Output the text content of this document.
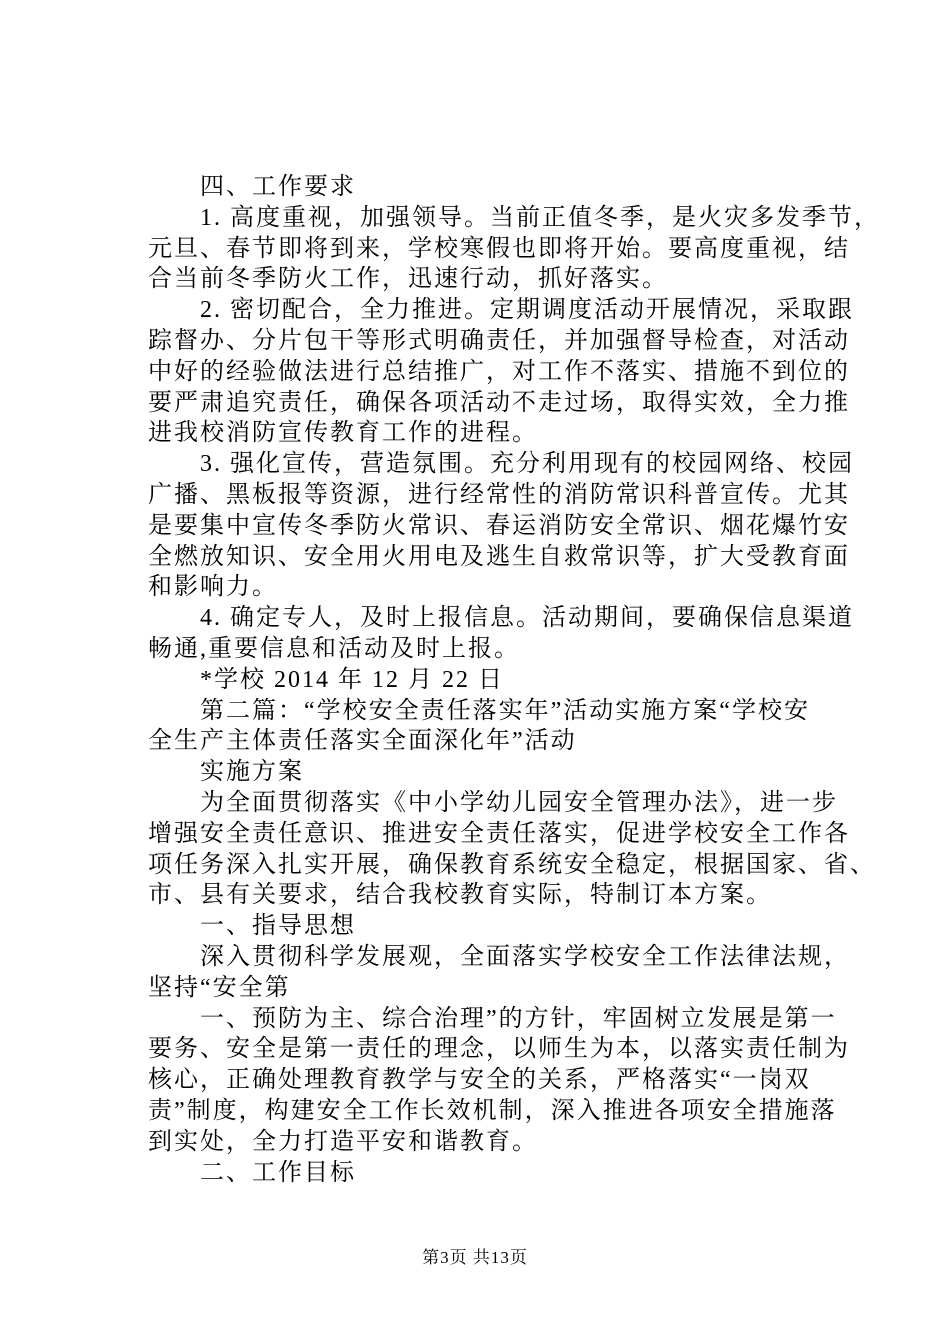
四、工作要求
1. 高度重视，加强领导。当前正值冬季，是火灾多发季节，
元旦、春节即将到来，学校寒假也即将开始。要高度重视，结
合当前冬季防火工作，迅速行动，抓好落实。
2. 密切配合，全力推进。定期调度活动开展情况，采取跟
踪督办、分片包干等形式明确责任，并加强督导检查，对活动
中好的经验做法进行总结推广，对工作不落实、措施不到位的
要严肃追究责任，确保各项活动不走过场，取得实效，全力推
进我校消防宣传教育工作的进程。
3. 强化宣传，营造氛围。充分利用现有的校园网络、校园
广播、黑板报等资源，进行经常性的消防常识科普宣传。尤其
是要集中宣传冬季防火常识、春运消防安全常识、烟花爆竹安
全燃放知识、安全用火用电及逃生自救常识等，扩大受教育面
和影响力。
4. 确定专人，及时上报信息。活动期间，要确保信息渠道
畅通,重要信息和活动及时上报。
*学校 2014 年 12 月 22 日
第二篇：“学校安全责任落实年”活动实施方案“学校安
全生产主体责任落实全面深化年”活动
实施方案
为全面贯彻落实《中小学幼儿园安全管理办法》，进一步
增强安全责任意识、推进安全责任落实，促进学校安全工作各
项任务深入扎实开展，确保教育系统安全稳定，根据国家、省、
市、县有关要求，结合我校教育实际，特制订本方案。
一、指导思想
深入贯彻科学发展观，全面落实学校安全工作法律法规，
坚持“安全第
一、预防为主、综合治理”的方针，牢固树立发展是第一
要务、安全是第一责任的理念，以师生为本，以落实责任制为
核心，正确处理教育教学与安全的关系，严格落实“一岗双
责”制度，构建安全工作长效机制，深入推进各项安全措施落
到实处，全力打造平安和谐教育。
二、工作目标
第3页 共13页
